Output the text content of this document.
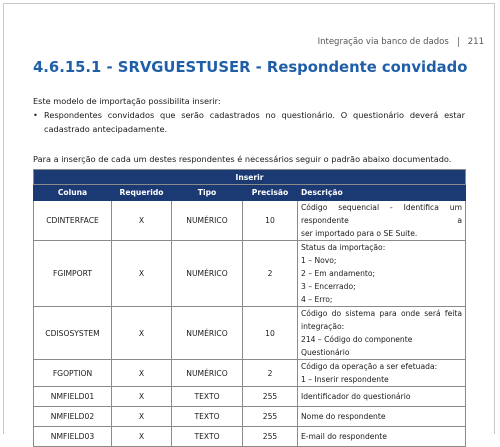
Integração via banco de dados 211
4.6.15.1 - SRVGUESTUSER - Respondente convidado
Este modelo de importação possibilita inserir:
• Respondentes convidados que serão cadastrados no questionário. O questionário deverá estar cadastrado antecipadamente.
Para a inserção de cada um destes respondentes é necessários seguir o padrão abaixo documentado.
Inserir				
Coluna	Requerido	Tipo	Precisão	Descrição
CDINTERFACE	X	NUMÉRICO	10	Código sequencial - Identifica um respondente a
ser importado para o SE Suite.

FGIMPORT	X	NUMÉRICO	2	Status da importação:
1 – Novo;
2 – Em andamento;
3 – Encerrado;
4 – Erro;

CDISOSYSTEM	X	NUMÉRICO	10	Código do sistema para onde será feita
integração:
214 – Código do componente Questionário

FGOPTION	X	NUMÉRICO	2	Código da operação a ser efetuada:
1 – Inserir respondente

NMFIELD01	X	TEXTO	255	Identificador do questionário

NMFIELD02	X	TEXTO	255	Nome do respondente

NMFIELD03	X	TEXTO	255	E-mail do respondente
